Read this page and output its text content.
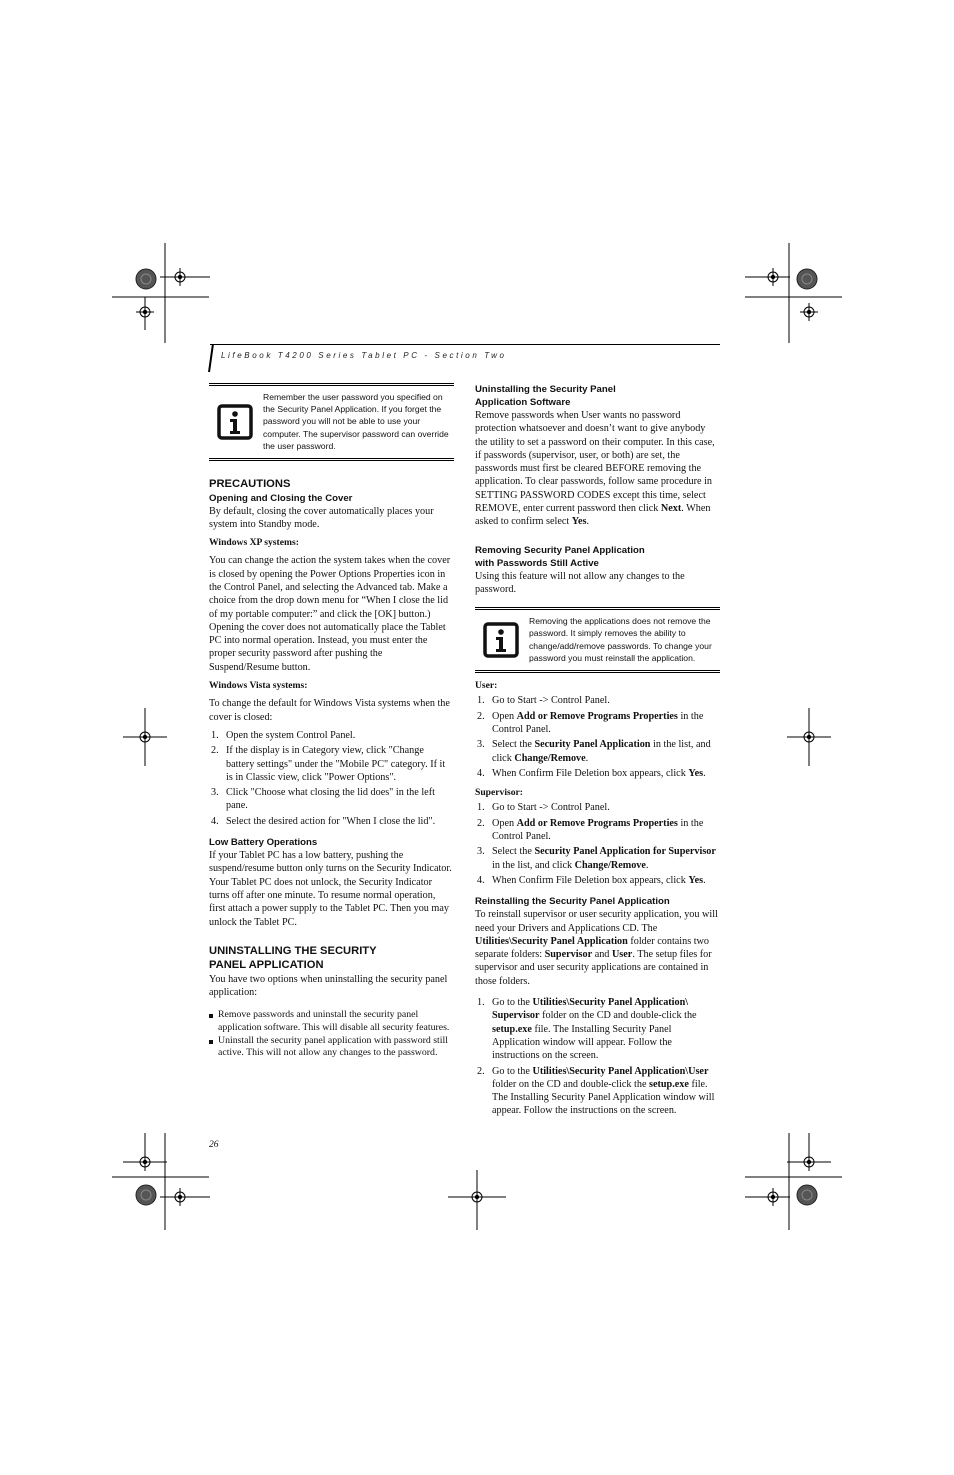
LifeBook T4200 Series Tablet PC - Section Two
Remember the user password you specified on the Security Panel Application. If you forget the password you will not be able to use your computer. The supervisor password can override the user password.
PRECAUTIONS
Opening and Closing the Cover

By default, closing the cover automatically places your system into Standby mode.

Windows XP systems:

You can change the action the system takes when the cover is closed by opening the Power Options Properties icon in the Control Panel, and selecting the Advanced tab. Make a choice from the drop down menu for “When I close the lid of my portable computer:” and click the [OK] button.) Opening the cover does not automatically place the Tablet PC into normal operation. Instead, you must enter the proper security password after pushing the Suspend/Resume button.

Windows Vista systems:

To change the default for Windows Vista systems when the cover is closed:

1. Open the system Control Panel.
2. If the display is in Category view, click "Change battery settings" under the "Mobile PC" category. If it is in Classic view, click "Power Options".
3. Click "Choose what closing the lid does" in the left pane.
4. Select the desired action for "When I close the lid".
Low Battery Operations

If your Tablet PC has a low battery, pushing the suspend/resume button only turns on the Security Indicator. Your Tablet PC does not unlock, the Security Indicator turns off after one minute. To resume normal operation, first attach a power supply to the Tablet PC. Then you may unlock the Tablet PC.

UNINSTALLING THE SECURITY
PANEL APPLICATION

You have two options when uninstalling the security panel application:

Remove passwords and uninstall the security panel application software. This will disable all security features.
Uninstall the security panel application with password still active. This will not allow any changes to the password.
Uninstalling the Security Panel
Application Software

Remove passwords when User wants no password protection whatsoever and doesn’t want to give anybody the utility to set a password on their computer. In this case, if passwords (supervisor, user, or both) are set, the passwords must first be cleared BEFORE removing the application. To clear passwords, follow same procedure in SETTING PASSWORD CODES except this time, select REMOVE, enter current password then click Next. When asked to confirm select Yes.

Removing Security Panel Application
with Passwords Still Active

Using this feature will not allow any changes to the password.

Removing the applications does not remove the password. It simply removes the ability to change/add/remove passwords. To change your password you must reinstall the application.
User:
1. Go to Start -> Control Panel.
2. Open Add or Remove Programs Properties in the Control Panel.
3. Select the Security Panel Application in the list, and click Change/Remove.
4. When Confirm File Deletion box appears, click Yes.
Supervisor:
1. Go to Start -> Control Panel.
2. Open Add or Remove Programs Properties in the Control Panel.
3. Select the Security Panel Application for Supervisor in the list, and click Change/Remove.
4. When Confirm File Deletion box appears, click Yes.
Reinstalling the Security Panel Application

To reinstall supervisor or user security application, you will need your Drivers and Applications CD. The Utilities\Security Panel Application folder contains two separate folders: Supervisor and User. The setup files for supervisor and user security applications are contained in those folders.

1. Go to the Utilities\Security Panel Application\ Supervisor folder on the CD and double-click the setup.exe file. The Installing Security Panel Application window will appear. Follow the instructions on the screen.
2. Go to the Utilities\Security Panel Application\User folder on the CD and double-click the setup.exe file. The Installing Security Panel Application window will appear. Follow the instructions on the screen.
26
